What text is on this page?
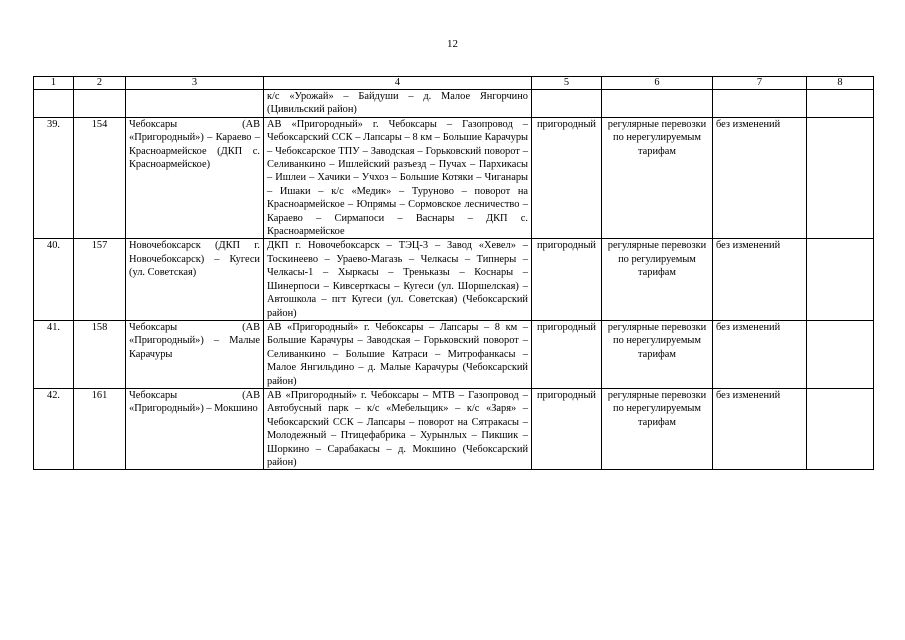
12
1	2	3	4	5	6	7	8
			к/с «Урожай» – Байдуши – д. Малое Янгорчино (Цивильский район)				
39.	154	Чебоксары (АВ «Пригородный») – Караево – Красноармейское (ДКП с. Красноармейское)	АВ «Пригородный» г. Чебоксары – Газопровод – Чебоксарский ССК – Лапсары – 8 км – Большие Карачуры – Чебоксарское ТПУ – Заводская – Горьковский поворот – Селиванкино – Ишлейский разъезд – Пучах – Пархикасы – Ишлеи – Хачики – Учхоз – Большие Котяки – Чиганары – Ишаки – к/с «Медик» – Туруново – поворот на Красноармейское – Юпрямы – Сормовское лесничество – Караево – Сирмапоси – Васнары – ДКП с. Красноармейское	пригородный	регулярные перевозки по нерегулируемым тарифам	без изменений	
40.	157	Новочебоксарск (ДКП г. Новочебоксарск) – Кугеси (ул. Советская)	ДКП г. Новочебоксарск – ТЭЦ-3 – Завод «Хевел» – Тоскинеево – Ураево-Магазь – Челкасы – Типнеры – Челкасы-1 – Хыркасы – Треньказы – Коснары – Шинерпоси – Кивсерткасы – Кугеси (ул. Шоршелская) – Автошкола – пгт Кугеси (ул. Советская) (Чебоксарский район)	пригородный	регулярные перевозки по регулируемым тарифам	без изменений	
41.	158	Чебоксары (АВ «Пригородный») – Малые Карачуры	АВ «Пригородный» г. Чебоксары – Лапсары – 8 км – Большие Карачуры – Заводская – Горьковский поворот – Селиванкино – Большие Катраси – Митрофанкасы – Малое Янгильдино – д. Малые Карачуры (Чебоксарский район)	пригородный	регулярные перевозки по нерегулируемым тарифам	без изменений	
42.	161	Чебоксары (АВ «Пригородный») – Мокшино	АВ «Пригородный» г. Чебоксары – МТВ – Газопровод – Автобусный парк – к/с «Мебельщик» – к/с «Заря» – Чебоксарский ССК – Лапсары – поворот на Сятракасы – Молодежный – Птицефабрика – Хурынлых – Пикшик – Шоркино – Сарабакасы – д. Мокшино (Чебоксарский район)	пригородный	регулярные перевозки по нерегулируемым тарифам	без изменений	
